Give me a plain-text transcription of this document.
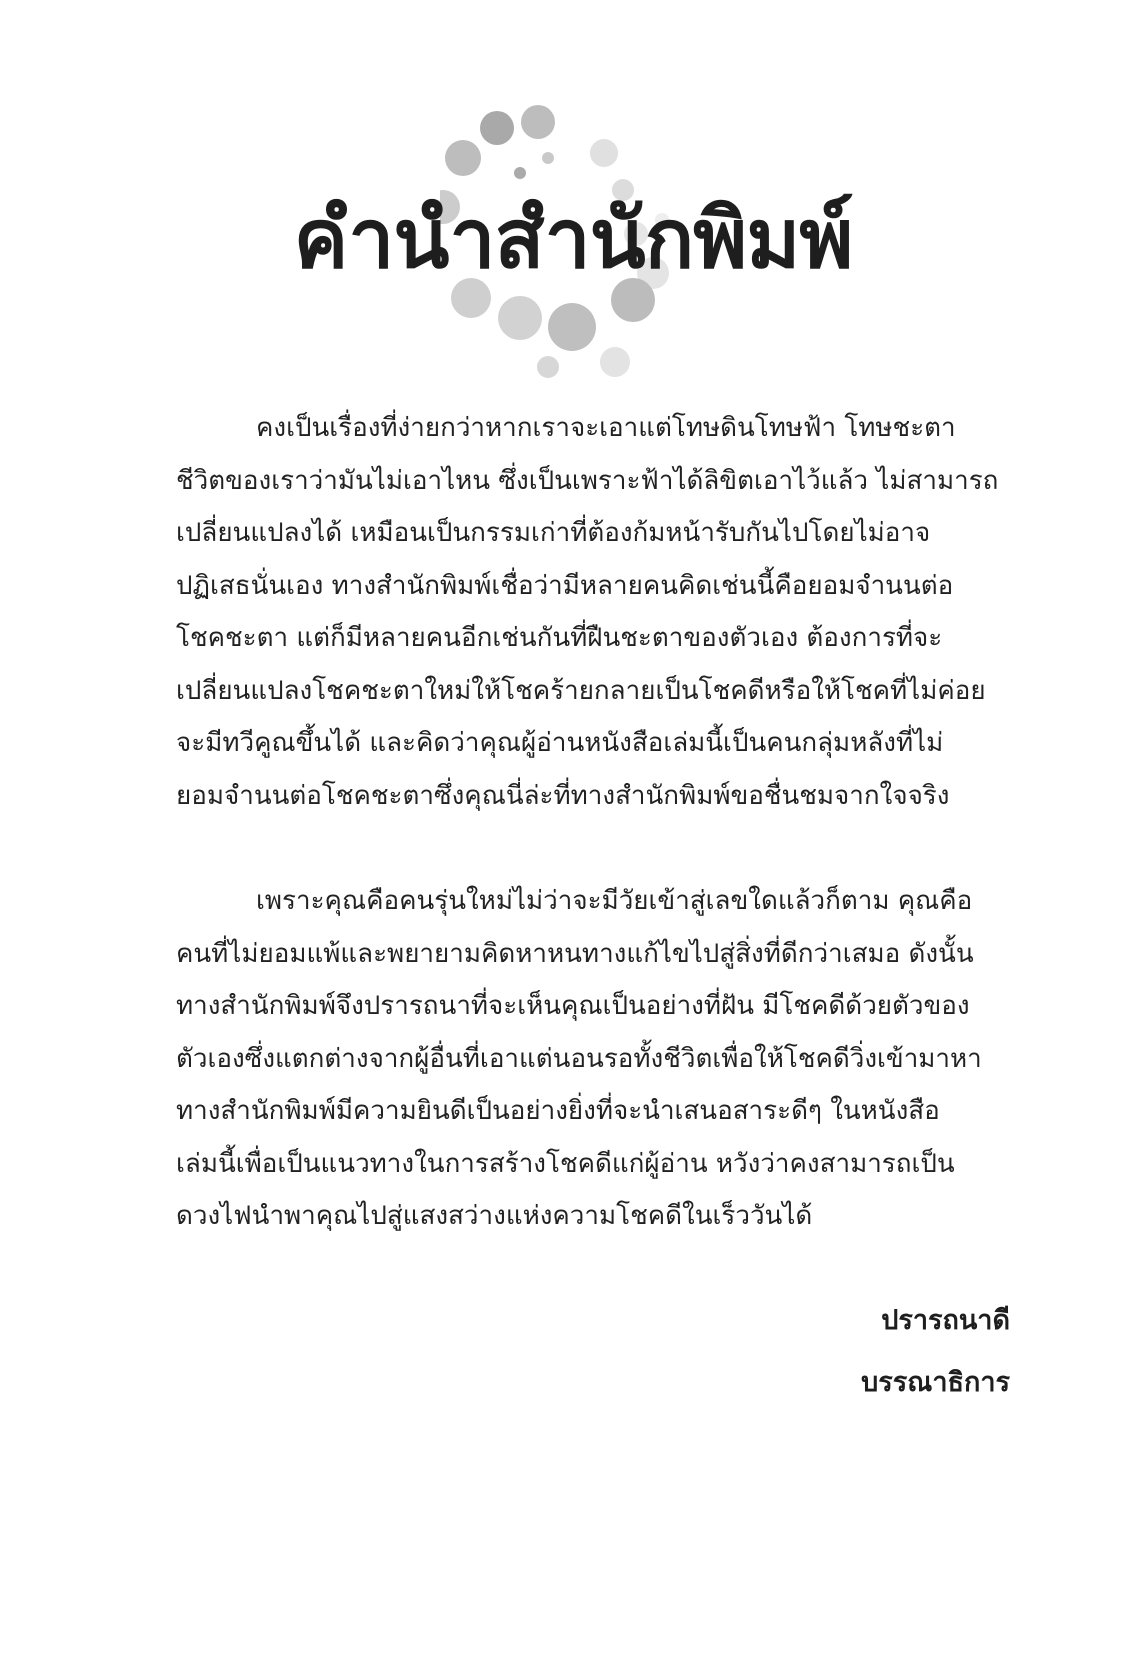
คำนำสำนักพิมพ์

คงเป็นเรื่องที่ง่ายกว่าหากเราจะเอาแต่โทษดินโทษฟ้า โทษชะตา
ชีวิตของเราว่ามันไม่เอาไหน ซึ่งเป็นเพราะฟ้าได้ลิขิตเอาไว้แล้ว ไม่สามารถ
เปลี่ยนแปลงได้ เหมือนเป็นกรรมเก่าที่ต้องก้มหน้ารับกันไปโดยไม่อาจ
ปฏิเสธนั่นเอง ทางสำนักพิมพ์เชื่อว่ามีหลายคนคิดเช่นนี้คือยอมจำนนต่อ
โชคชะตา แต่ก็มีหลายคนอีกเช่นกันที่ฝืนชะตาของตัวเอง ต้องการที่จะ
เปลี่ยนแปลงโชคชะตาใหม่ให้โชคร้ายกลายเป็นโชคดีหรือให้โชคที่ไม่ค่อย
จะมีทวีคูณขึ้นได้ และคิดว่าคุณผู้อ่านหนังสือเล่มนี้เป็นคนกลุ่มหลังที่ไม่
ยอมจำนนต่อโชคชะตาซึ่งคุณนี่ล่ะที่ทางสำนักพิมพ์ขอชื่นชมจากใจจริง

เพราะคุณคือคนรุ่นใหม่ไม่ว่าจะมีวัยเข้าสู่เลขใดแล้วก็ตาม คุณคือ
คนที่ไม่ยอมแพ้และพยายามคิดหาหนทางแก้ไขไปสู่สิ่งที่ดีกว่าเสมอ ดังนั้น
ทางสำนักพิมพ์จึงปรารถนาที่จะเห็นคุณเป็นอย่างที่ฝัน มีโชคดีด้วยตัวของ
ตัวเองซึ่งแตกต่างจากผู้อื่นที่เอาแต่นอนรอทั้งชีวิตเพื่อให้โชคดีวิ่งเข้ามาหา
ทางสำนักพิมพ์มีความยินดีเป็นอย่างยิ่งที่จะนำเสนอสาระดีๆ ในหนังสือ
เล่มนี้เพื่อเป็นแนวทางในการสร้างโชคดีแก่ผู้อ่าน หวังว่าคงสามารถเป็น
ดวงไฟนำพาคุณไปสู่แสงสว่างแห่งความโชคดีในเร็ววันได้

ปรารถนาดี
บรรณาธิการ
